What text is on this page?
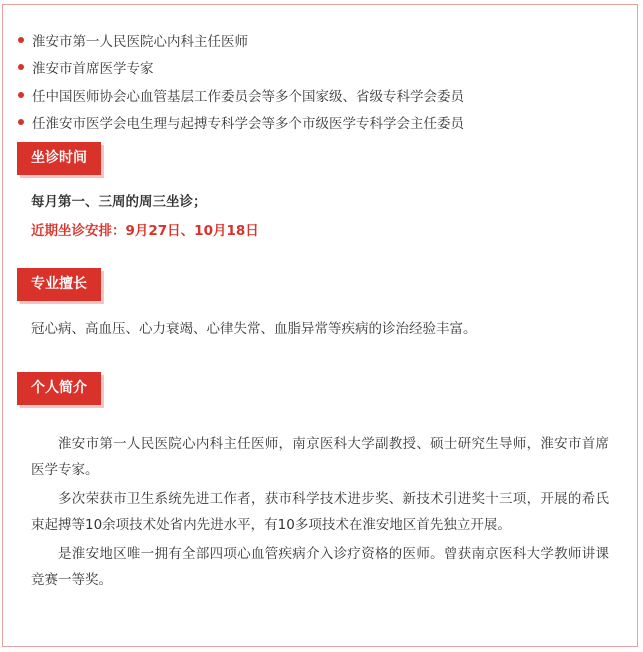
淮安市第一人民医院心内科主任医师
淮安市首席医学专家
任中国医师协会心血管基层工作委员会等多个国家级、省级专科学会委员
任淮安市医学会电生理与起搏专科学会等多个市级医学专科学会主任委员
坐诊时间
每月第一、三周的周三坐诊；
近期坐诊安排：9月27日、10月18日
专业擅长
冠心病、高血压、心力衰竭、心律失常、血脂异常等疾病的诊治经验丰富。
个人简介

淮安市第一人民医院心内科主任医师，南京医科大学副教授、硕士研究生导师，淮安市首席医学专家。

多次荣获市卫生系统先进工作者，获市科学技术进步奖、新技术引进奖十三项，开展的希氏束起搏等10余项技术处省内先进水平，有10多项技术在淮安地区首先独立开展。

是淮安地区唯一拥有全部四项心血管疾病介入诊疗资格的医师。曾获南京医科大学教师讲课竞赛一等奖。
